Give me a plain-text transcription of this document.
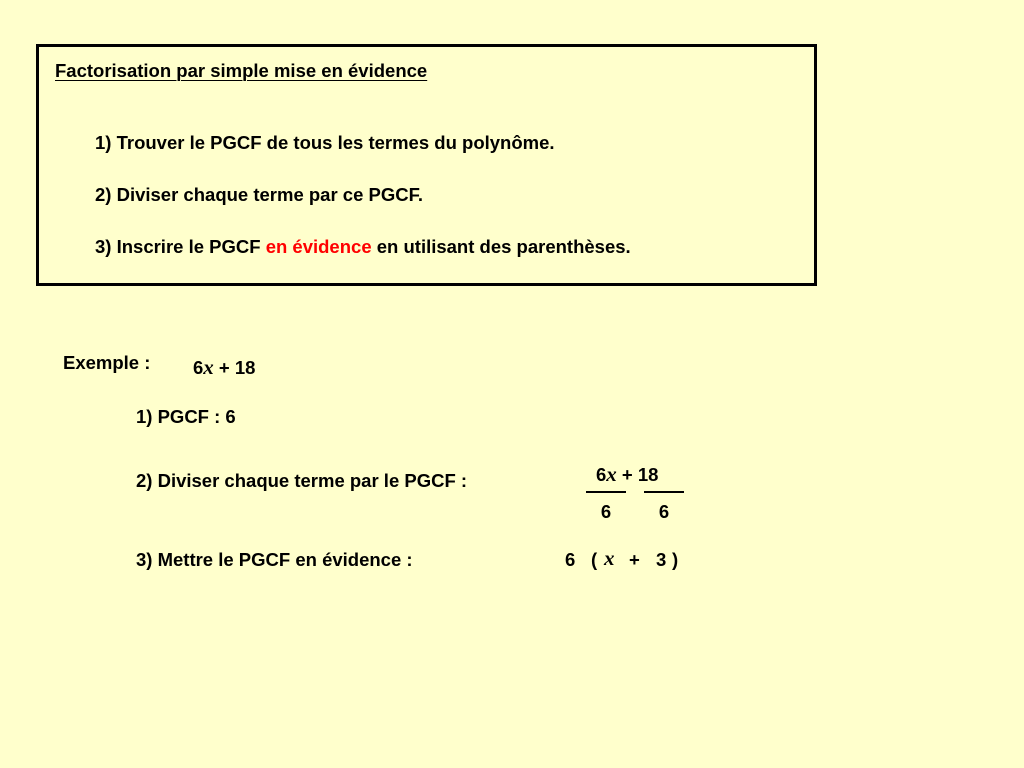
Factorisation par simple mise en évidence
1) Trouver le PGCF de tous les termes du polynôme.
2) Diviser chaque terme par ce PGCF.
3) Inscrire le PGCF en évidence en utilisant des parenthèses.
Exemple : 6x + 18
1) PGCF : 6
2) Diviser chaque terme par le PGCF :	6x + 18
6	6
3) Mettre le PGCF en évidence :	6 ( x + 3 )
